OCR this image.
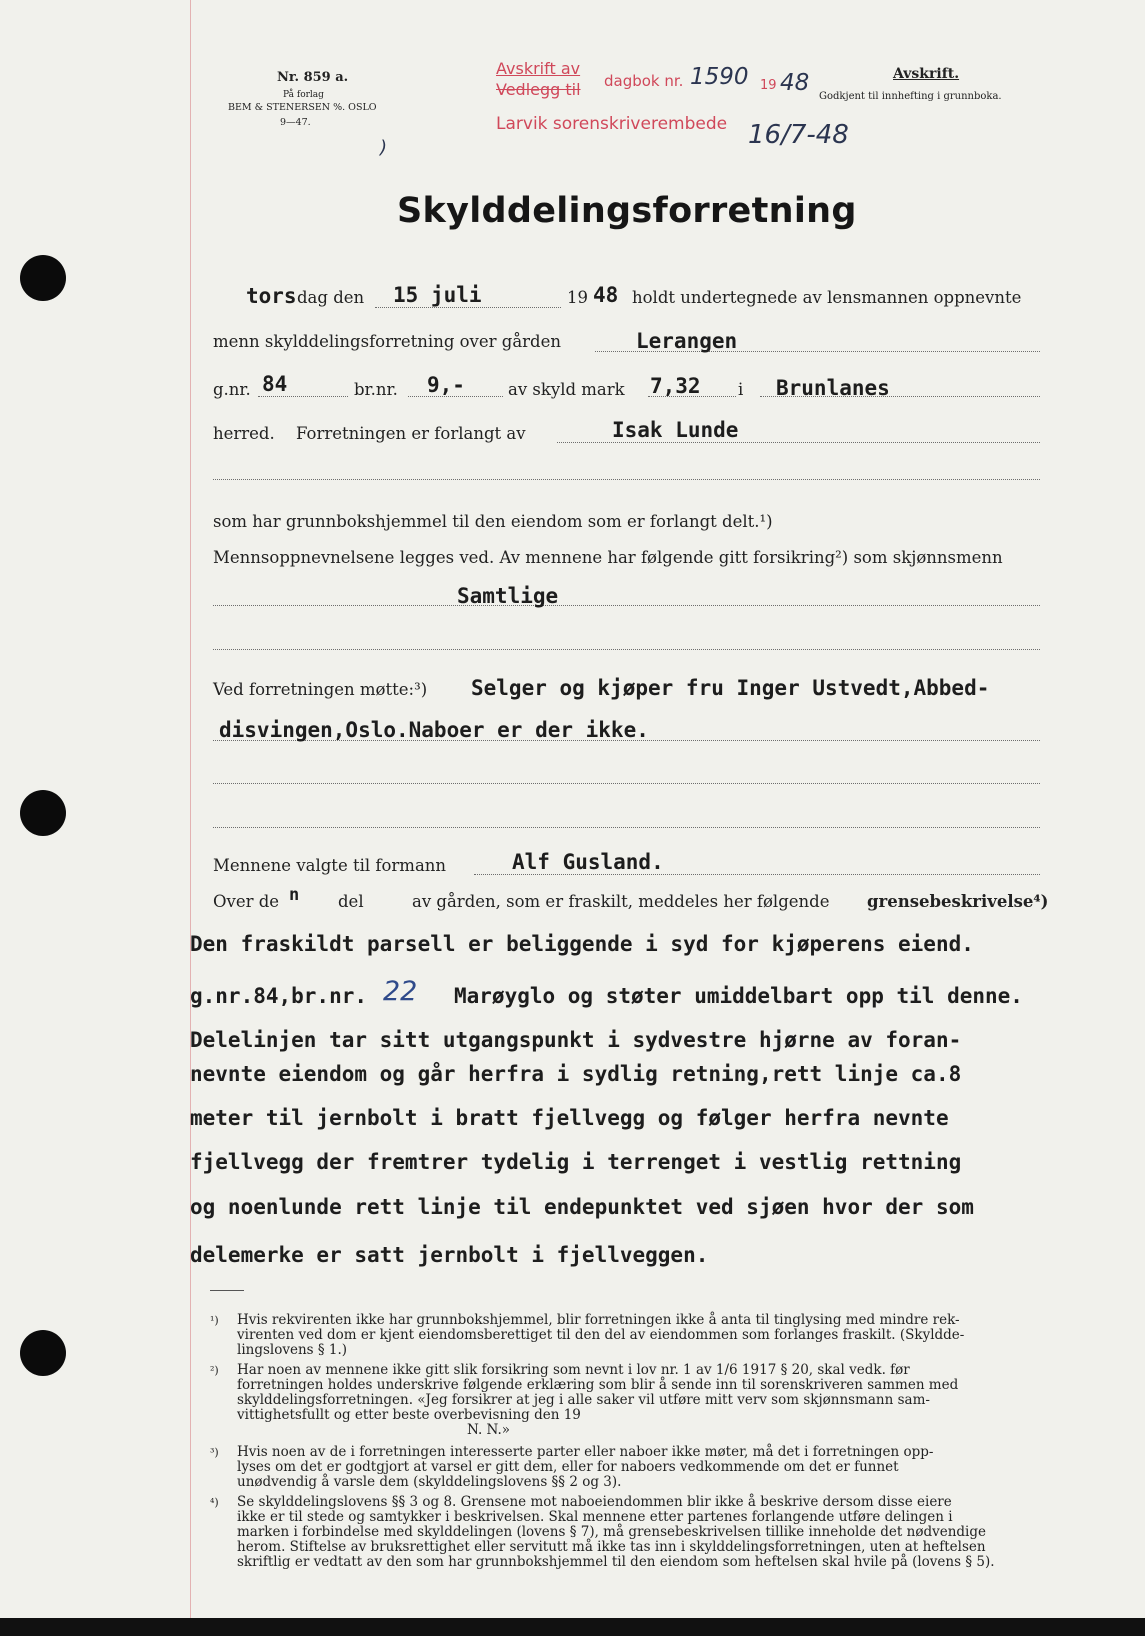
Nr. 859 a.
På forlag
BEM & STENERSEN %. OSLO
9—47.
Avskrift av
Vedlegg til dagbok nr. 1590 19 48
Larvik sorenskriverembede 16/7-48
Avskrift.
Godkjent til innhefting i grunnboka.
)
Skylddelingsforretning
tors dag den 15 juli	19 48 holdt undertegnede av lensmannen oppnevnte
menn skylddelingsforretning over gården	Lerangen
g.nr. 84	br.nr. 9,-	av skyld mark 7,32 i Brunlanes
herred. Forretningen er forlangt av	Isak Lunde
som har grunnbokshjemmel til den eiendom som er forlangt delt.¹)
Mennsoppnevnelsene legges ved. Av mennene har følgende gitt forsikring²) som skjønnsmenn
Samtlige
Ved forretningen møtte:³) Selger og kjøper fru Inger Ustvedt,Abbed-
disvingen,Oslo.Naboer er der ikke.
Mennene valgte til formann	Alf Gusland.
Over de n del	av gården, som er fraskilt, meddeles her følgende grensebeskrivelse⁴)
Den fraskildt parsell er beliggende i syd for kjøperens eiend.
g.nr.84,br.nr. 22 Marøyglo og støter umiddelbart opp til denne.
Delelinjen tar sitt utgangspunkt i sydvestre hjørne av foran-
nevnte eiendom og går herfra i sydlig retning,rett linje ca.8
meter til jernbolt i bratt fjellvegg og følger herfra nevnte
fjellvegg der fremtrer tydelig i terrenget i vestlig rettning
og noenlunde rett linje til endepunktet ved sjøen hvor der som
delemerke er satt jernbolt i fjellveggen.
¹) Hvis rekvirenten ikke har grunnbokshjemmel, blir forretningen ikke å anta til tinglysing med mindre rek-
virenten ved dom er kjent eiendomsberettiget til den del av eiendommen som forlanges fraskilt. (Skyldde-
lingslovens § 1.)
²) Har noen av mennene ikke gitt slik forsikring som nevnt i lov nr. 1 av 1/6 1917 § 20, skal vedk. før
forretningen holdes underskrive følgende erklæring som blir å sende inn til sorenskriveren sammen med
skylddelingsforretningen. «Jeg forsikrer at jeg i alle saker vil utføre mitt verv som skjønnsmann sam-
vittighetsfullt og etter beste overbevisning den 19
N. N.»
³) Hvis noen av de i forretningen interesserte parter eller naboer ikke møter, må det i forretningen opp-
lyses om det er godtgjort at varsel er gitt dem, eller for naboers vedkommende om det er funnet
unødvendig å varsle dem (skylddelingslovens §§ 2 og 3).
⁴) Se skylddelingslovens §§ 3 og 8. Grensene mot naboeiendommen blir ikke å beskrive dersom disse eiere
ikke er til stede og samtykker i beskrivelsen. Skal mennene etter partenes forlangende utføre delingen i
marken i forbindelse med skylddelingen (lovens § 7), må grensebeskrivelsen tillike inneholde det nødvendige
herom. Stiftelse av bruksrettighet eller servitutt må ikke tas inn i skylddelingsforretningen, uten at heftelsen
skriftlig er vedtatt av den som har grunnbokshjemmel til den eiendom som heftelsen skal hvile på (lovens § 5).
